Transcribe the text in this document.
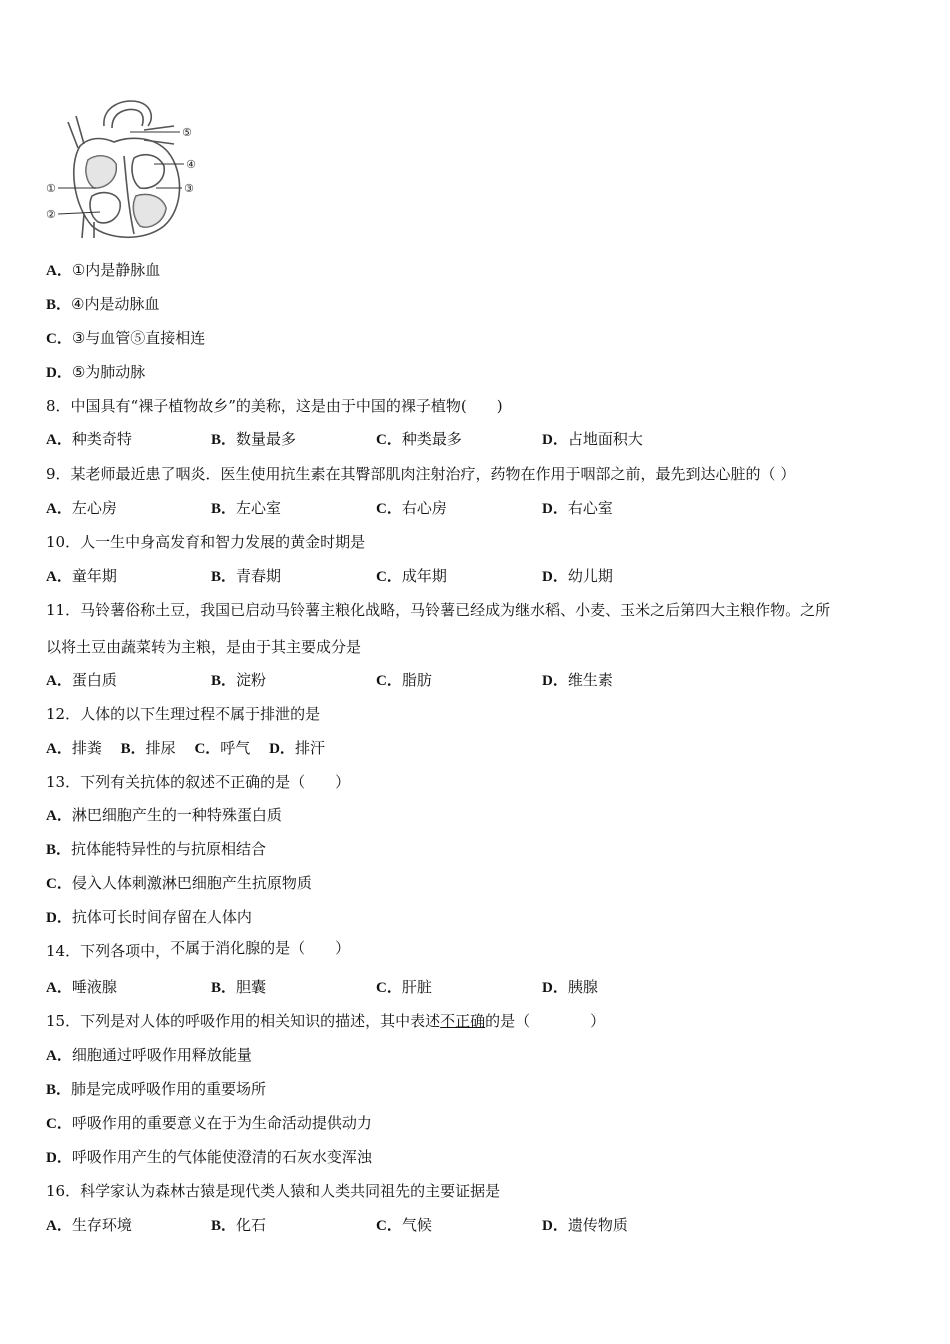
⑤
④
③
①
②
A．①内是静脉血
B．④内是动脉血
C．③与血管⑤直接相连
D．⑤为肺动脉
8．中国具有“裸子植物故乡”的美称，这是由于中国的裸子植物(　　)
A．种类奇特	B．数量最多	C．种类最多	D．占地面积大
9．某老师最近患了咽炎．医生使用抗生素在其臀部肌肉注射治疗，药物在作用于咽部之前，最先到达心脏的（ ）
A．左心房	B．左心室	C．右心房	D．右心室
10．人一生中身高发育和智力发展的黄金时期是
A．童年期	B．青春期	C．成年期	D．幼儿期
11．马铃薯俗称土豆，我国已启动马铃薯主粮化战略，马铃薯已经成为继水稻、小麦、玉米之后第四大主粮作物。之所
以将土豆由蔬菜转为主粮，是由于其主要成分是
A．蛋白质	B．淀粉	C．脂肪	D．维生素
12．人体的以下生理过程不属于排泄的是
A．排粪 B．排尿 C．呼气 D．排汗
13．下列有关抗体的叙述不正确的是（　　）
A．淋巴细胞产生的一种特殊蛋白质
B．抗体能特异性的与抗原相结合
C．侵入人体刺激淋巴细胞产生抗原物质
D．抗体可长时间存留在人体内
14．下列各项中，不属于消化腺的是（　　）
A．唾液腺	B．胆囊	C．肝脏	D．胰腺
15．下列是对人体的呼吸作用的相关知识的描述，其中表述不正确的是（　　　　）
A．细胞通过呼吸作用释放能量
B．肺是完成呼吸作用的重要场所
C．呼吸作用的重要意义在于为生命活动提供动力
D．呼吸作用产生的气体能使澄清的石灰水变浑浊
16．科学家认为森林古猿是现代类人猿和人类共同祖先的主要证据是
A．生存环境	B．化石	C．气候	D．遗传物质
